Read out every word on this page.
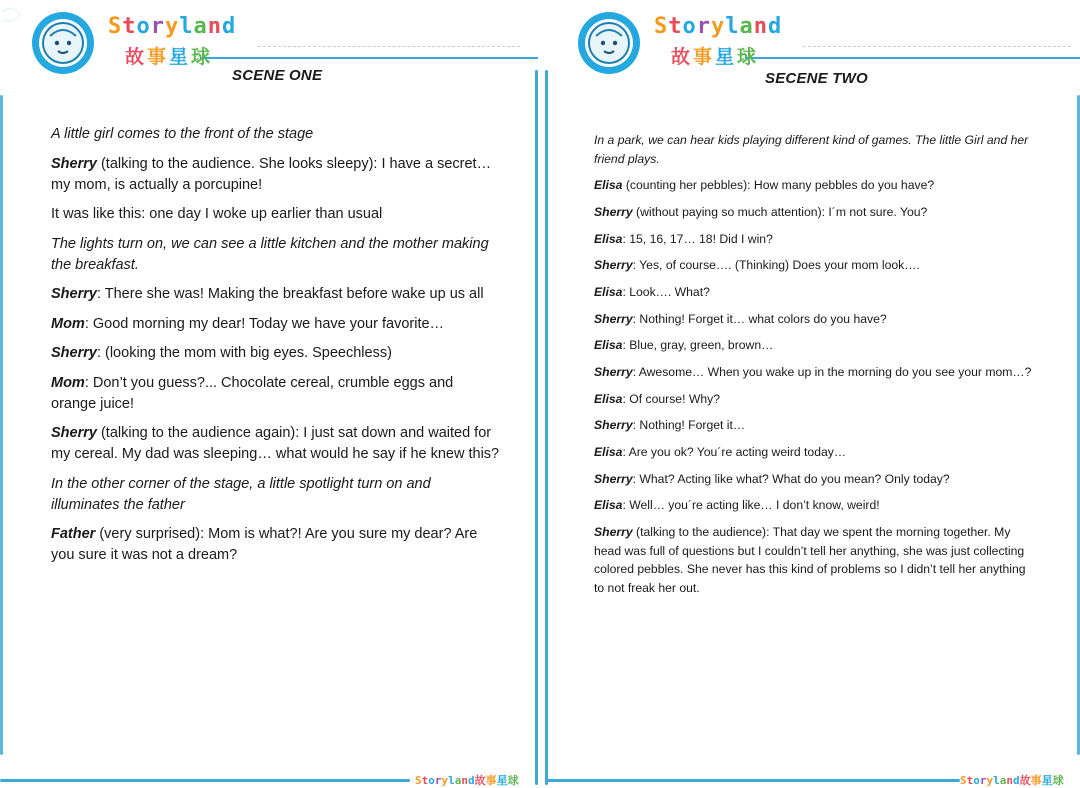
Storyland
故事星球
SCENE ONE

A little girl comes to the front of the stage

Sherry (talking to the audience. She looks sleepy): I have a secret… my mom, is actually a porcupine!

It was like this: one day I woke up earlier than usual

The lights turn on, we can see a little kitchen and the mother making the breakfast.

Sherry: There she was! Making the breakfast before wake up us all

Mom: Good morning my dear! Today we have your favorite…

Sherry: (looking the mom with big eyes. Speechless)

Mom: Don’t you guess?... Chocolate cereal, crumble eggs and orange juice!

Sherry (talking to the audience again): I just sat down and waited for my cereal. My dad was sleeping… what would he say if he knew this?

In the other corner of the stage, a little spotlight turn on and illuminates the father

Father (very surprised): Mom is what?! Are you sure my dear? Are you sure it was not a dream?

Storyland故事星球
Storyland
故事星球
SECENE TWO

In a park, we can hear kids playing different kind of games. The little Girl and her friend plays.

Elisa (counting her pebbles): How many pebbles do you have?

Sherry (without paying so much attention): I´m not sure. You?

Elisa: 15, 16, 17… 18! Did I win?

Sherry: Yes, of course…. (Thinking) Does your mom look….

Elisa: Look…. What?

Sherry: Nothing! Forget it… what colors do you have?

Elisa: Blue, gray, green, brown…

Sherry: Awesome… When you wake up in the morning do you see your mom…?

Elisa: Of course! Why?

Sherry: Nothing! Forget it…

Elisa: Are you ok? You´re acting weird today…

Sherry: What? Acting like what? What do you mean? Only today?

Elisa: Well… you´re acting like… I don’t know, weird!

Sherry (talking to the audience): That day we spent the morning together. My head was full of questions but I couldn’t tell her anything, she was just collecting colored pebbles. She never has this kind of problems so I didn’t tell her anything to not freak her out.

Storyland故事星球
